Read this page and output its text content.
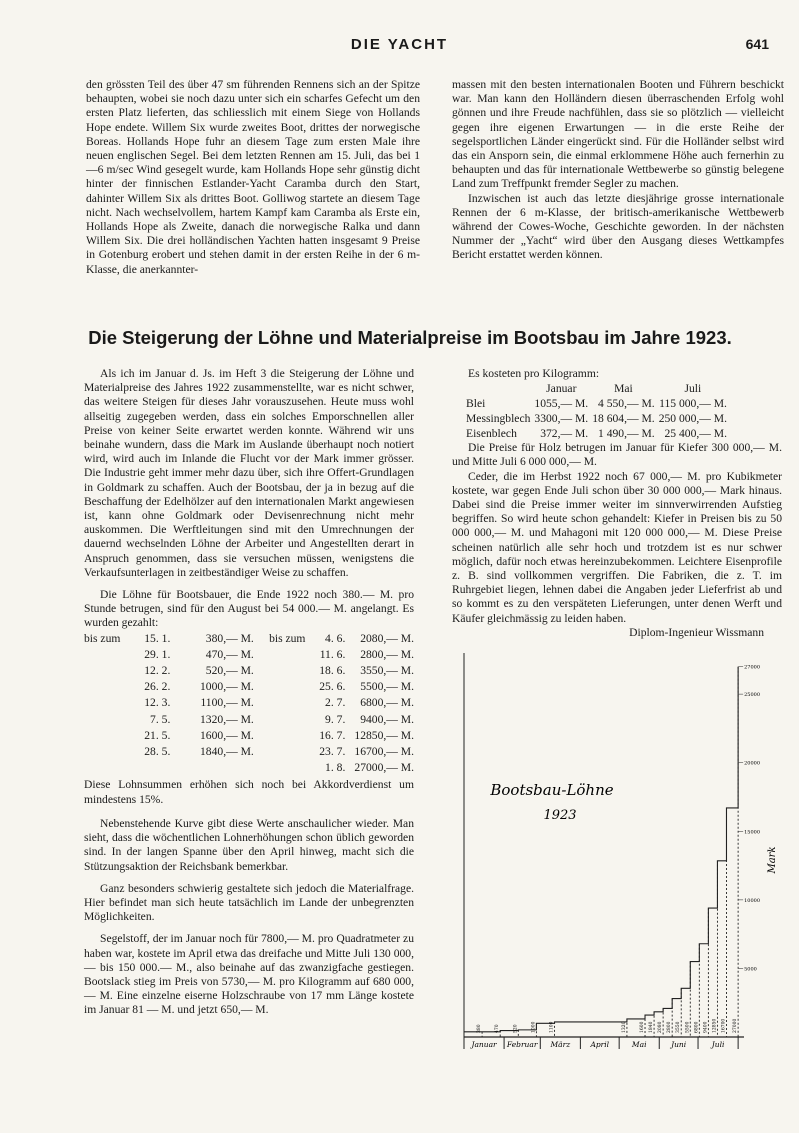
DIE YACHT	641

den grössten Teil des über 47 sm führenden Rennens sich an der Spitze behaupten, wobei sie noch dazu unter sich ein scharfes Gefecht um den ersten Platz lieferten, das schliesslich mit einem Siege von Hollands Hope endete. Willem Six wurde zweites Boot, drittes der norwegische Boreas. Hollands Hope fuhr an diesem Tage zum ersten Male ihre neuen englischen Segel. Bei dem letzten Rennen am 15. Juli, das bei 1—6 m/sec Wind gesegelt wurde, kam Hollands Hope sehr günstig dicht hinter der finnischen Estlander-Yacht Caramba durch den Start, dahinter Willem Six als drittes Boot. Golliwog startete an diesem Tage nicht. Nach wechselvollem, hartem Kampf kam Caramba als Erste ein, Hollands Hope als Zweite, danach die norwegische Ralka und dann Willem Six. Die drei holländischen Yachten hatten insgesamt 9 Preise in Gotenburg erobert und stehen damit in der ersten Reihe in der 6 m-Klasse, die anerkannter-

massen mit den besten internationalen Booten und Führern beschickt war. Man kann den Holländern diesen überraschenden Erfolg wohl gönnen und ihre Freude nachfühlen, dass sie so plötzlich — vielleicht gegen ihre eigenen Erwartungen — in die erste Reihe der segelsportlichen Länder eingerückt sind. Für die Holländer selbst wird das ein Ansporn sein, die einmal erklommene Höhe auch fernerhin zu behaupten und das für internationale Wettbewerbe so günstig belegene Land zum Treffpunkt fremder Segler zu machen.

Inzwischen ist auch das letzte diesjährige grosse internationale Rennen der 6 m-Klasse, der britisch-amerikanische Wettbewerb während der Cowes-Woche, Geschichte geworden. In der nächsten Nummer der „Yacht“ wird über den Ausgang dieses Wettkampfes Bericht erstattet werden können.

Die Steigerung der Löhne und Materialpreise im Bootsbau im Jahre 1923.

Als ich im Januar d. Js. im Heft 3 die Steigerung der Löhne und Materialpreise des Jahres 1922 zusammenstellte, war es nicht schwer, das weitere Steigen für dieses Jahr vorauszusehen. Heute muss wohl allseitig zugegeben werden, dass ein solches Emporschnellen aller Preise von keiner Seite erwartet werden konnte. Während wir uns beinahe wundern, dass die Mark im Auslande überhaupt noch notiert wird, wird auch im Inlande die Flucht vor der Mark immer grösser. Die Industrie geht immer mehr dazu über, sich ihre Offert-Grundlagen in Goldmark zu schaffen. Auch der Bootsbau, der ja in bezug auf die Beschaffung der Edelhölzer auf den internationalen Markt angewiesen ist, kann ohne Goldmark oder Devisenrechnung nicht mehr auskommen. Die Werftleitungen sind mit den Umrechnungen der dauernd wechselnden Löhne der Arbeiter und Angestellten derart in Anspruch genommen, dass sie versuchen müssen, wenigstens die Verkaufsunterlagen in zeitbeständiger Weise zu schaffen.

Die Löhne für Bootsbauer, die Ende 1922 noch 380.— M. pro Stunde betrugen, sind für den August bei 54 000.— M. angelangt. Es wurden gezahlt:

bis zum	15. 1.	380,— M.	bis zum	4. 6.	2080,— M.
	29. 1.	470,— M.		11. 6.	2800,— M.
	12. 2.	520,— M.		18. 6.	3550,— M.
	26. 2.	1000,— M.		25. 6.	5500,— M.
	12. 3.	1100,— M.		2. 7.	6800,— M.
	7. 5.	1320,— M.		9. 7.	9400,— M.
	21. 5.	1600,— M.		16. 7.	12850,— M.
	28. 5.	1840,— M.		23. 7.	16700,— M.
				1. 8.	27000,— M.

Diese Lohnsummen erhöhen sich noch bei Akkordverdienst um mindestens 15%.

Nebenstehende Kurve gibt diese Werte anschaulicher wieder. Man sieht, dass die wöchentlichen Lohnerhöhungen schon üblich geworden sind. In der langen Spanne über den April hinweg, macht sich die Stützungsaktion der Reichsbank bemerkbar.

Ganz besonders schwierig gestaltete sich jedoch die Materialfrage. Hier befindet man sich heute tatsächlich im Lande der unbegrenzten Möglichkeiten.

Segelstoff, der im Januar noch für 7800,— M. pro Quadratmeter zu haben war, kostete im April etwa das dreifache und Mitte Juli 130 000,— bis 150 000.— M., also beinahe auf das zwanzigfache gestiegen. Bootslack stieg im Preis von 5730,— M. pro Kilogramm auf 680 000,— M. Eine einzelne eiserne Holzschraube von 17 mm Länge kostete im Januar 81 — M. und jetzt 650,— M.

Es kosteten pro Kilogramm:

	Januar	Mai	Juli
Blei	1055,— M.	4 550,— M.	115 000,— M.
Messingblech	3300,— M.	18 604,— M.	250 000,— M.
Eisenblech	372,— M.	1 490,— M.	25 400,— M.

Die Preise für Holz betrugen im Januar für Kiefer 300 000,— M. und Mitte Juli 6 000 000,— M.

Ceder, die im Herbst 1922 noch 67 000,— M. pro Kubikmeter kostete, war gegen Ende Juli schon über 30 000 000,— Mark hinaus. Dabei sind die Preise immer weiter im sinnverwirrenden Aufstieg begriffen. So wird heute schon gehandelt: Kiefer in Preisen bis zu 50 000 000,— M. und Mahagoni mit 120 000 000,— M. Diese Preise scheinen natürlich alle sehr hoch und trotzdem ist es nur schwer möglich, dafür noch etwas hereinzubekommen. Leichtere Eisenprofile z. B. sind vollkommen vergriffen. Die Fabriken, die z. T. im Ruhrgebiet liegen, lehnen dabei die Angaben jeder Lieferfrist ab und so kommt es zu den verspäteten Lieferungen, unter denen Werft und Käufer gleichmässig zu leiden haben.

Diplom-Ingenieur Wissmann

Bootsbau-Löhne
1923
Mark
Januar Februar März	April	Mai	Juni	Juli
380	470	520	1000	1100	1320	1600 1840 2080 2800 3550 5500 6800 9400 12850 16700 27000
5000
10000
15000
20000
25000
27000
